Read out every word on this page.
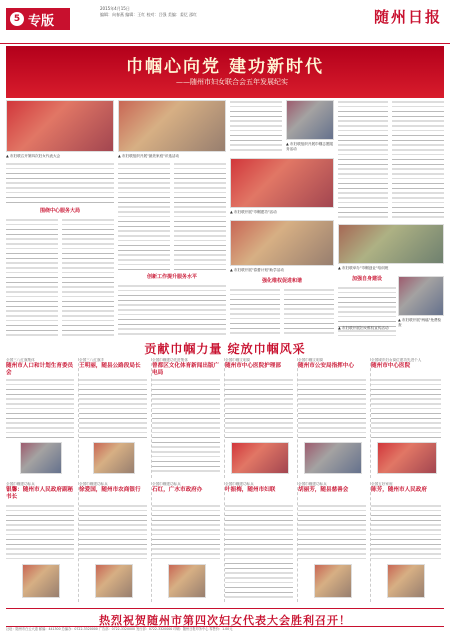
5 专版
2015年4月15日
编辑：向春燕 编辑：王红 校对：吕强 美编：姜忆 邵红	随州日报
巾帼心向党 建功新时代
——随州市妇女联合会五年发展纪实
▲ 市妇联召开第四次妇女代表大会
围绕中心服务大局
▲ 市妇联组织开展"最美家庭"评选活动
创新工作提升服务水平
▲ 市妇联组织开展巾帼志愿服务活动
▲ 市妇联开展"巾帼建功"活动
▲ 市妇联开展"春蕾计划"助学活动
强化维权促进和谐
▲ 市妇联举办"巾帼创业"培训班
▲ 市妇联开展"两癌"免费检查
加强自身建设
▲ 市妇联开展妇女维权宣传活动
贡献巾帼力量 绽放巾帼风采
全国三八红旗集体
随州市人口和计划生育委员会
全国三八红旗手
王明丽，随县公路段局长
全国巾帼建功先进集体
曾都区文化体育新闻出版广电局
全国巾帼文明岗
随州市中心医院护理部
全国巾帼文明岗
随州市公安局指挥中心
全国城乡妇女岗位建功先进个人
随州市中心医院
全国巾帼建功标兵
银馨：随州市人民政府副秘书长
全国巾帼建功标兵
徐爱国，随州市农商银行
全国巾帼建功标兵
石红，广水市政府办
全国巾帼建功标兵
叶振梅，随州市妇联
全国巾帼建功标兵
胡丽芳，随县慈善会
全国五好家庭
陈芳，随州市人民政府
热烈祝贺随州市第四次妇女代表大会胜利召开！
社址：随州市白云大道 邮编：441300 总编办：0722-3320000 广告部：0722-3320000 发行部：0722-3320000 印刷：随州日报印务中心 零售价：1.00元
